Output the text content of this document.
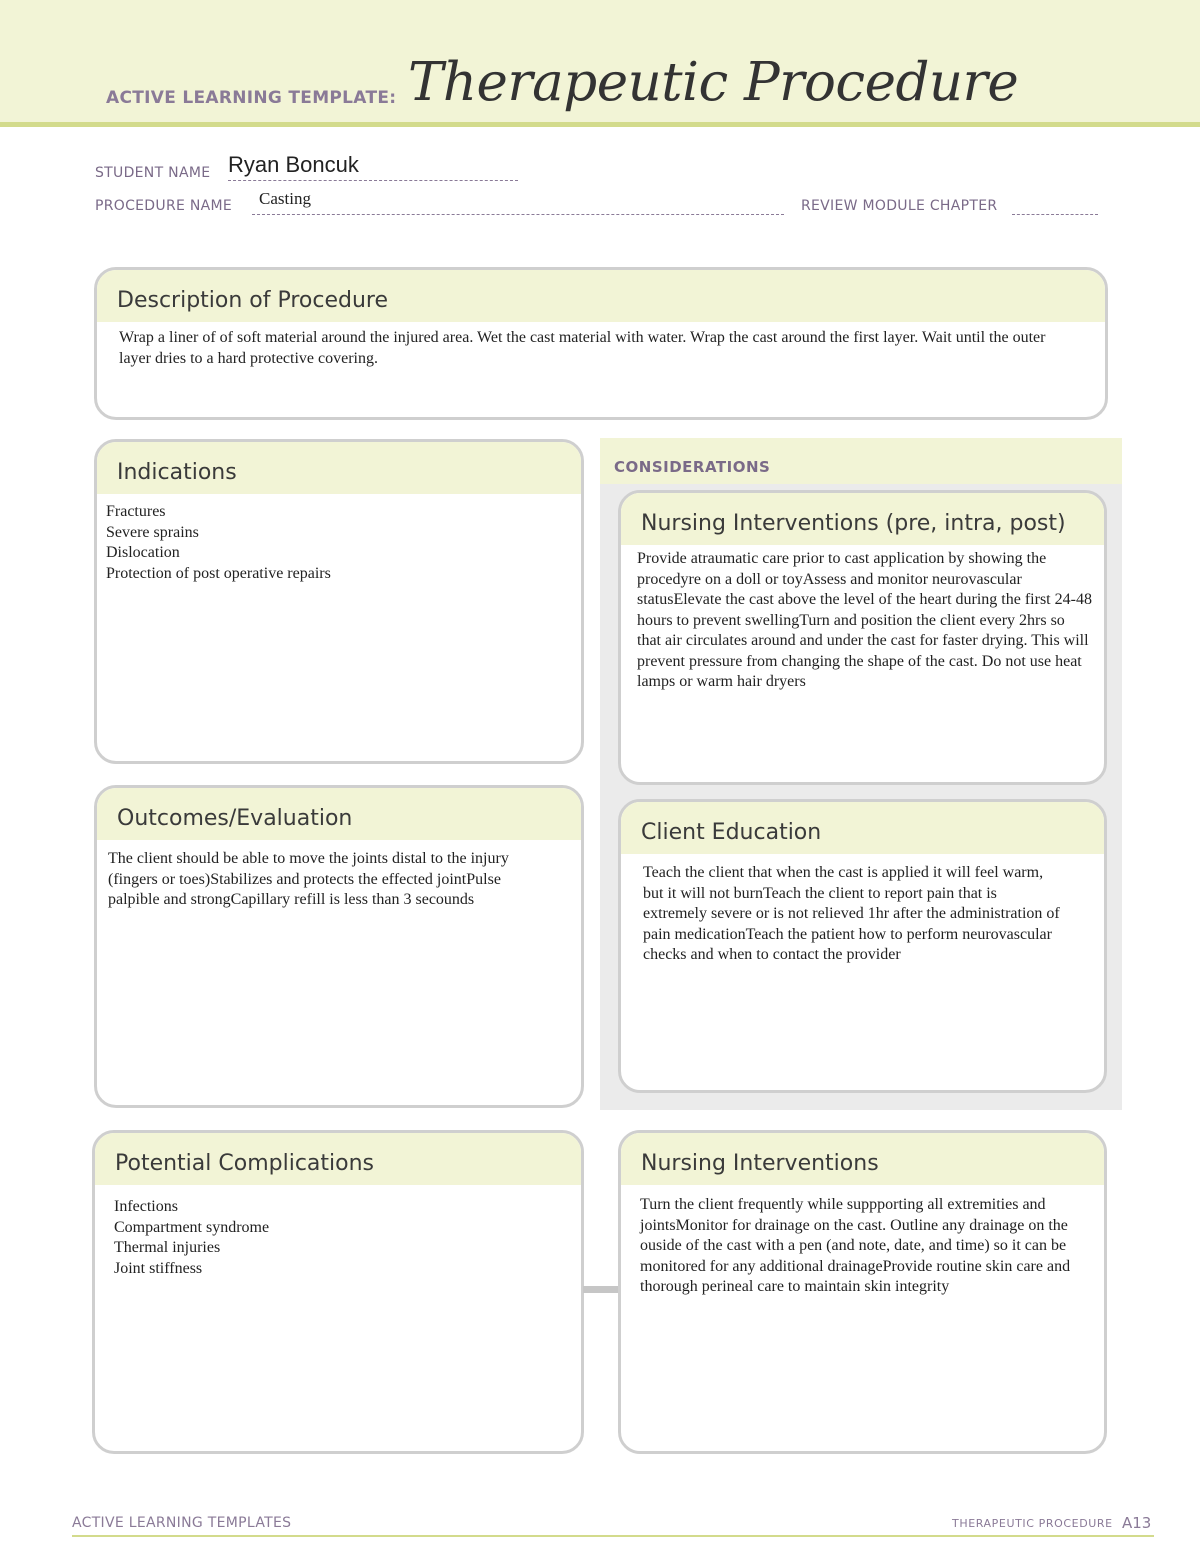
ACTIVE LEARNING TEMPLATE: Therapeutic Procedure
STUDENT NAME Ryan Boncuk
PROCEDURE NAME Casting	REVIEW MODULE CHAPTER
Description of Procedure

Wrap a liner of of soft material around the injured area. Wet the cast material with water. Wrap the cast around the first layer. Wait until the outer layer dries to a hard protective covering.

Indications

Fractures
Severe sprains
Dislocation
Protection of post operative repairs

Outcomes/Evaluation

The client should be able to move the joints distal to the injury (fingers or toes)Stabilizes and protects the effected jointPulse palpible and strongCapillary refill is less than 3 secounds

CONSIDERATIONS
Nursing Interventions (pre, intra, post)

Provide atraumatic care prior to cast application by showing the procedyre on a doll or toyAssess and monitor neurovascular statusElevate the cast above the level of the heart during the first 24-48 hours to prevent swellingTurn and position the client every 2hrs so that air circulates around and under the cast for faster drying. This will prevent pressure from changing the shape of the cast. Do not use heat lamps or warm hair dryers

Client Education

Teach the client that when the cast is applied it will feel warm, but it will not burnTeach the client to report pain that is extremely severe or is not relieved 1hr after the administration of pain medicationTeach the patient how to perform neurovascular checks and when to contact the provider

Potential Complications

Infections
Compartment syndrome
Thermal injuries
Joint stiffness

Nursing Interventions

Turn the client frequently while suppporting all extremities and jointsMonitor for drainage on the cast. Outline any drainage on the ouside of the cast with a pen (and note, date, and time) so it can be monitored for any additional drainageProvide routine skin care and thorough perineal care to maintain skin integrity

ACTIVE LEARNING TEMPLATES	THERAPEUTIC PROCEDURE A13
